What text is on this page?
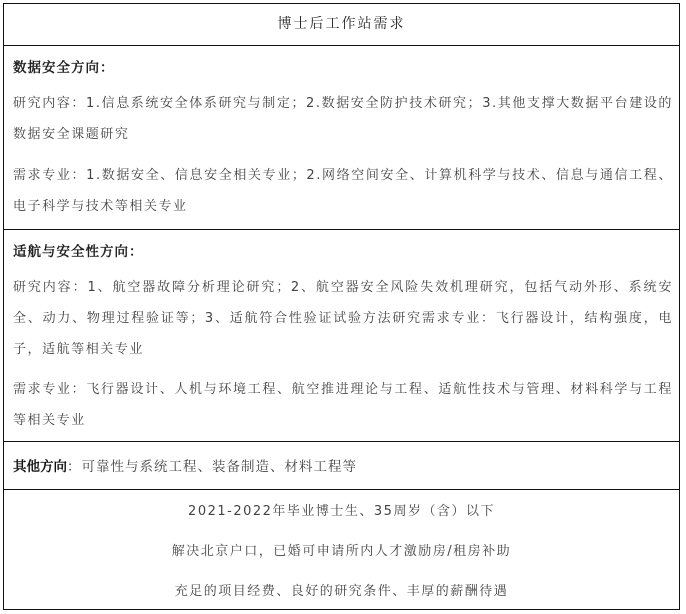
博士后工作站需求
数据安全方向：
研究内容：1.信息系统安全体系研究与制定；2.数据安全防护技术研究；3.其他支撑大数据平台建设的数据安全课题研究
需求专业：1.数据安全、信息安全相关专业；2.网络空间安全、计算机科学与技术、信息与通信工程、电子科学与技术等相关专业
适航与安全性方向：
研究内容：1、航空器故障分析理论研究；2、航空器安全风险失效机理研究，包括气动外形、系统安全、动力、物理过程验证等；3、适航符合性验证试验方法研究需求专业：飞行器设计，结构强度，电子，适航等相关专业
需求专业：飞行器设计、人机与环境工程、航空推进理论与工程、适航性技术与管理、材料科学与工程等相关专业
其他方向：可靠性与系统工程、装备制造、材料工程等
2021-2022年毕业博士生、35周岁（含）以下
解决北京户口，已婚可申请所内人才激励房/租房补助
充足的项目经费、良好的研究条件、丰厚的薪酬待遇
